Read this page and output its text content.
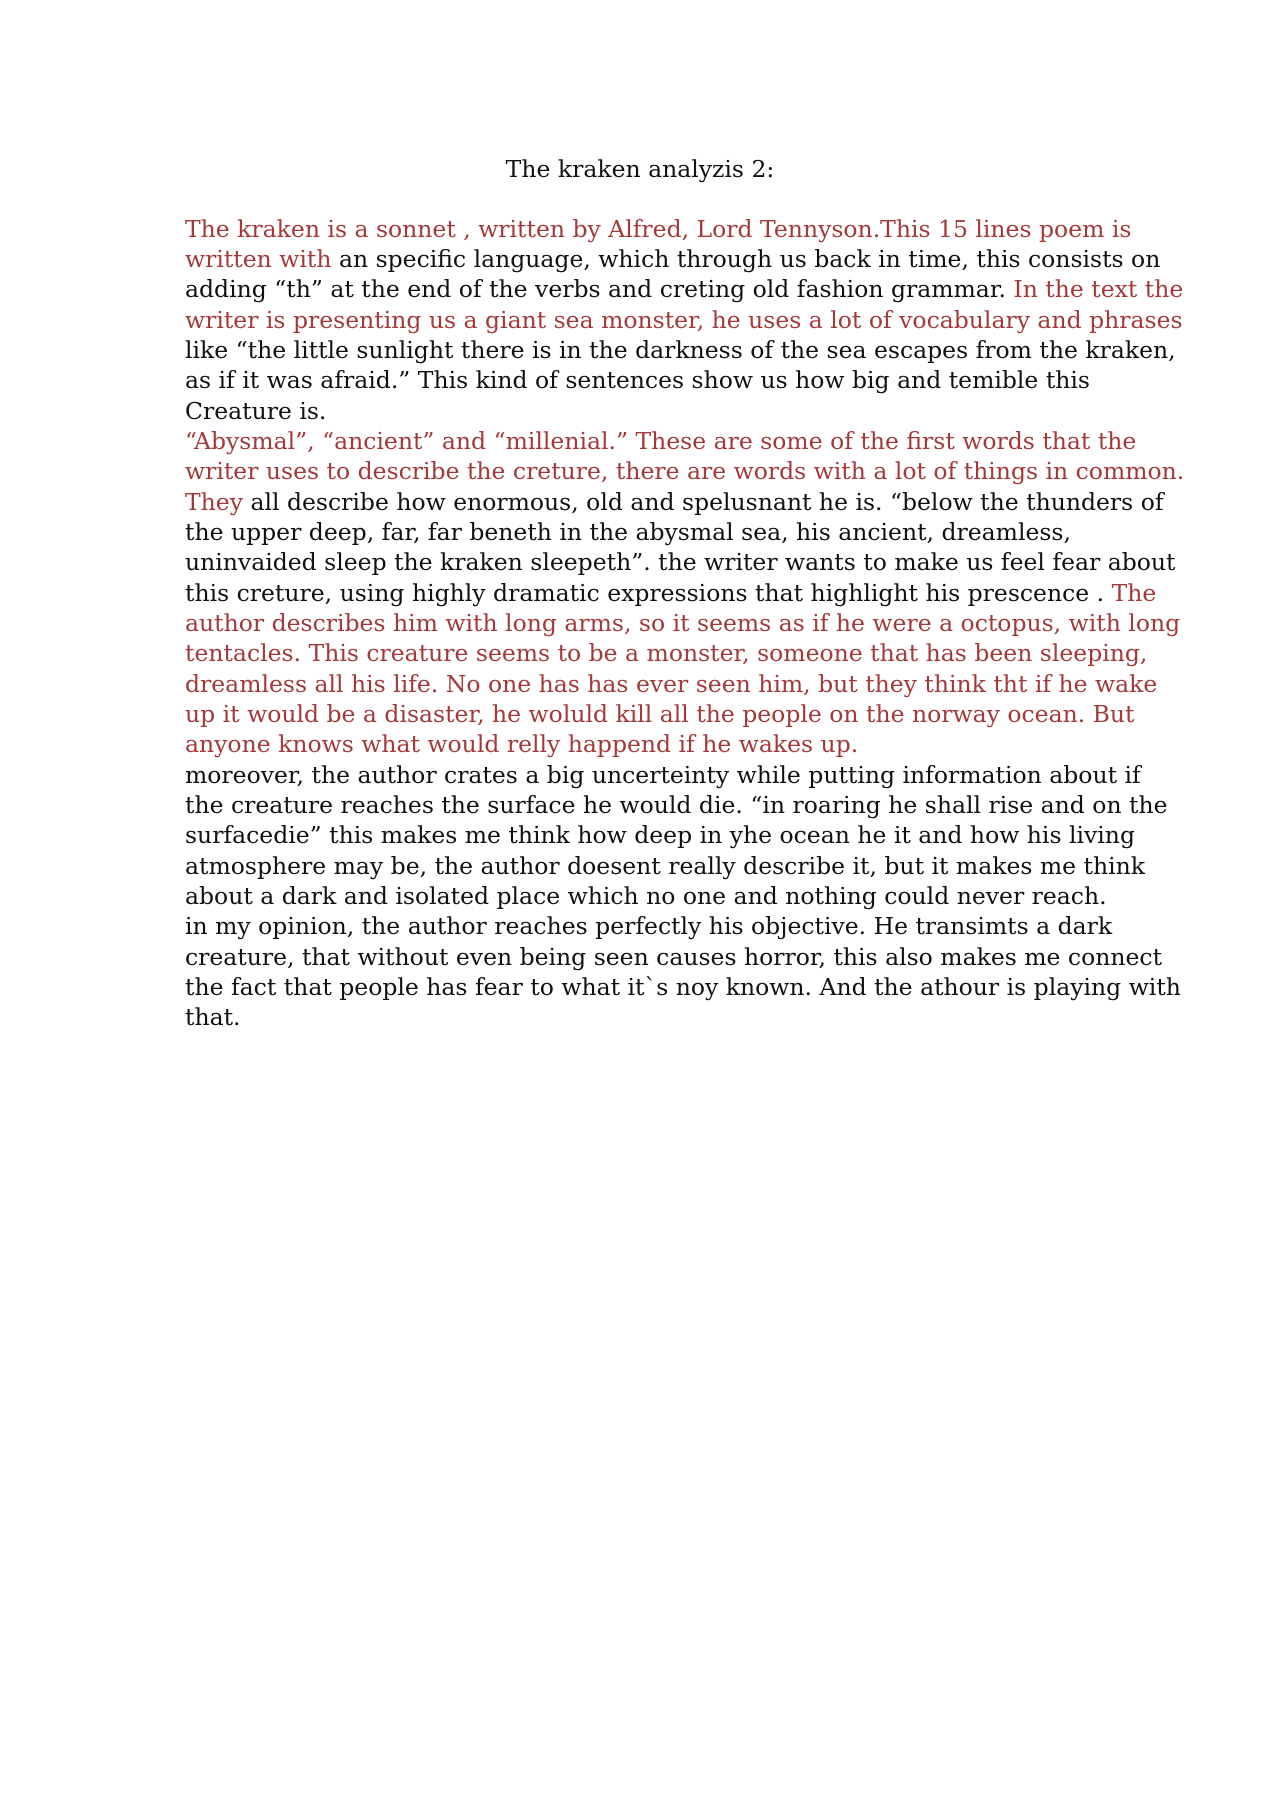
The kraken analyzis 2:
The kraken is a sonnet , written by Alfred, Lord Tennyson.This 15 lines poem is
written with an specific language, which through us back in time, this consists on
adding “th” at the end of the verbs and creting old fashion grammar. In the text the
writer is presenting us a giant sea monster, he uses a lot of vocabulary and phrases
like “the little sunlight there is in the darkness of the sea escapes from the kraken,
as if it was afraid.” This kind of sentences show us how big and temible this
Creature is.
“Abysmal”, “ancient” and “millenial.” These are some of the first words that the
writer uses to describe the creture, there are words with a lot of things in common.
They all describe how enormous, old and spelusnant he is. “below the thunders of
the upper deep, far, far beneth in the abysmal sea, his ancient, dreamless,
uninvaided sleep the kraken sleepeth”. the writer wants to make us feel fear about
this creture, using highly dramatic expressions that highlight his prescence . The
author describes him with long arms, so it seems as if he were a octopus, with long
tentacles. This creature seems to be a monster, someone that has been sleeping,
dreamless all his life. No one has has ever seen him, but they think tht if he wake
up it would be a disaster, he woluld kill all the people on the norway ocean. But
anyone knows what would relly happend if he wakes up.
moreover, the author crates a big uncerteinty while putting information about if
the creature reaches the surface he would die. “in roaring he shall rise and on the
surfacedie” this makes me think how deep in yhe ocean he it and how his living
atmosphere may be, the author doesent really describe it, but it makes me think
about a dark and isolated place which no one and nothing could never reach.
in my opinion, the author reaches perfectly his objective. He transimts a dark
creature, that without even being seen causes horror, this also makes me connect
the fact that people has fear to what it`s noy known. And the athour is playing with
that.
